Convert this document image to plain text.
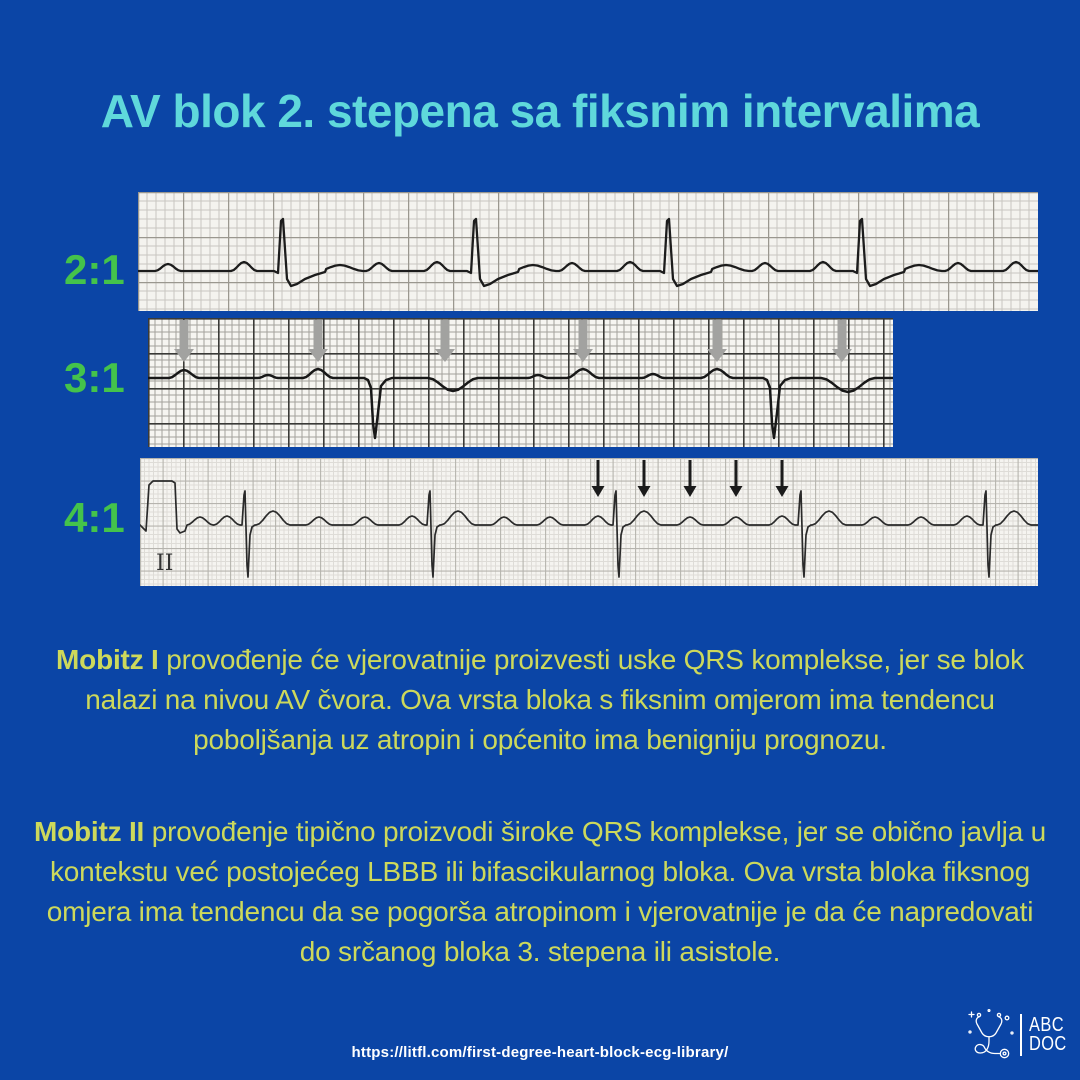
AV blok 2. stepena sa fiksnim intervalima
2:1
3:1
4:1
II

Mobitz I provođenje će vjerovatnije proizvesti uske QRS komplekse, jer se blok nalazi na nivou AV čvora. Ova vrsta bloka s fiksnim omjerom ima tendencu poboljšanja uz atropin i općenito ima benigniju prognozu.

Mobitz II provođenje tipično proizvodi široke QRS komplekse, jer se obično javlja u kontekstu već postojećeg LBBB ili bifascikularnog bloka. Ova vrsta bloka fiksnog omjera ima tendencu da se pogorša atropinom i vjerovatnije je da će napredovati do srčanog bloka 3. stepena ili asistole.

https://litfl.com/first-degree-heart-block-ecg-library/
ABC
DOC
